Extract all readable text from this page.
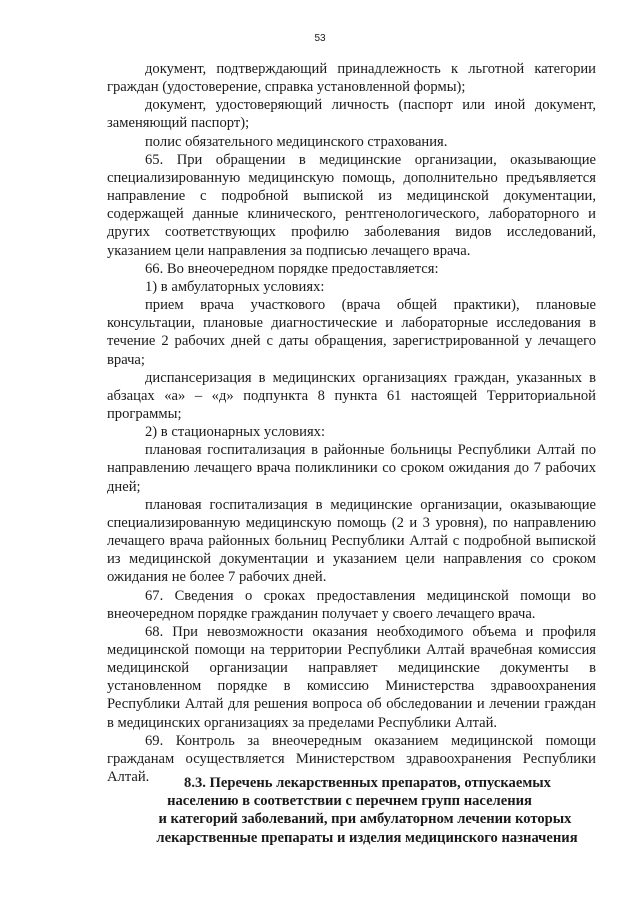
53

документ, подтверждающий принадлежность к льготной категории граждан (удостоверение, справка установленной формы);

документ, удостоверяющий личность (паспорт или иной документ, заменяющий паспорт);

полис обязательного медицинского страхования.

65. При обращении в медицинские организации, оказывающие специализированную медицинскую помощь, дополнительно предъявляется направление с подробной выпиской из медицинской документации, содержащей данные клинического, рентгенологического, лабораторного и других соответствующих профилю заболевания видов исследований, указанием цели направления за подписью лечащего врача.

66. Во внеочередном порядке предоставляется:

1) в амбулаторных условиях:

прием врача участкового (врача общей практики), плановые консультации, плановые диагностические и лабораторные исследования в течение 2 рабочих дней с даты обращения, зарегистрированной у лечащего врача;

диспансеризация в медицинских организациях граждан, указанных в абзацах «а» – «д» подпункта 8 пункта 61 настоящей Территориальной программы;

2) в стационарных условиях:

плановая госпитализация в районные больницы Республики Алтай по направлению лечащего врача поликлиники со сроком ожидания до 7 рабочих дней;

плановая госпитализация в медицинские организации, оказывающие специализированную медицинскую помощь (2 и 3 уровня), по направлению лечащего врача районных больниц Республики Алтай с подробной выпиской из медицинской документации и указанием цели направления со сроком ожидания не более 7 рабочих дней.

67. Сведения о сроках предоставления медицинской помощи во внеочередном порядке гражданин получает у своего лечащего врача.

68. При невозможности оказания необходимого объема и профиля медицинской помощи на территории Республики Алтай врачебная комиссия медицинской организации направляет медицинские документы в установленном порядке в комиссию Министерства здравоохранения Республики Алтай для решения вопроса об обследовании и лечении граждан в медицинских организациях за пределами Республики Алтай.

69. Контроль за внеочередным оказанием медицинской помощи гражданам осуществляется Министерством здравоохранения Республики Алтай.	8.3. Перечень лекарственных препаратов, отпускаемых
населению в соответствии с перечнем групп населения
и категорий заболеваний, при амбулаторном лечении которых
лекарственные препараты и изделия медицинского назначения
